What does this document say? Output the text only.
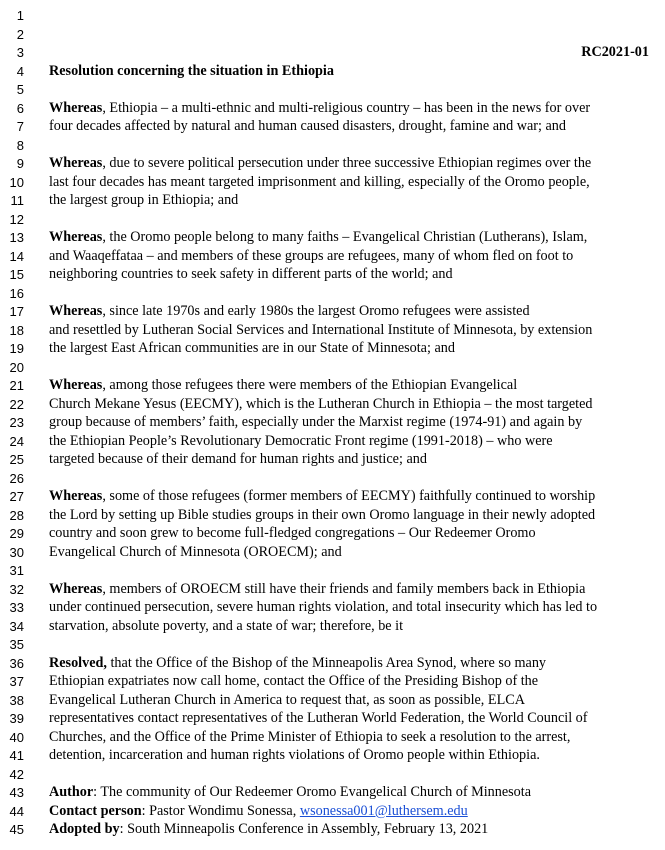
1
2
3
4
5
6
7
8
9
10
11
12
13
14
15
16
17
18
19
20
21
22
23
24
25
26
27
28
29
30
31
32
33
34
35
36
37
38
39
40
41
42
43
44
45
RC2021-01
Resolution concerning the situation in Ethiopia
Whereas, Ethiopia – a multi-ethnic and multi-religious country – has been in the news for over
four decades affected by natural and human caused disasters, drought, famine and war; and
Whereas, due to severe political persecution under three successive Ethiopian regimes over the
last four decades has meant targeted imprisonment and killing, especially of the Oromo people,
the largest group in Ethiopia; and
Whereas, the Oromo people belong to many faiths – Evangelical Christian (Lutherans), Islam,
and Waaqeffataa – and members of these groups are refugees, many of whom fled on foot to
neighboring countries to seek safety in different parts of the world; and
Whereas, since late 1970s and early 1980s the largest Oromo refugees were assisted
and resettled by Lutheran Social Services and International Institute of Minnesota, by extension
the largest East African communities are in our State of Minnesota; and
Whereas, among those refugees there were members of the Ethiopian Evangelical
Church Mekane Yesus (EECMY), which is the Lutheran Church in Ethiopia – the most targeted
group because of members’ faith, especially under the Marxist regime (1974-91) and again by
the Ethiopian People’s Revolutionary Democratic Front regime (1991-2018) – who were
targeted because of their demand for human rights and justice; and
Whereas, some of those refugees (former members of EECMY) faithfully continued to worship
the Lord by setting up Bible studies groups in their own Oromo language in their newly adopted
country and soon grew to become full-fledged congregations – Our Redeemer Oromo
Evangelical Church of Minnesota (OROECM); and
Whereas, members of OROECM still have their friends and family members back in Ethiopia
under continued persecution, severe human rights violation, and total insecurity which has led to
starvation, absolute poverty, and a state of war; therefore, be it
Resolved, that the Office of the Bishop of the Minneapolis Area Synod, where so many
Ethiopian expatriates now call home, contact the Office of the Presiding Bishop of the
Evangelical Lutheran Church in America to request that, as soon as possible, ELCA
representatives contact representatives of the Lutheran World Federation, the World Council of
Churches, and the Office of the Prime Minister of Ethiopia to seek a resolution to the arrest,
detention, incarceration and human rights violations of Oromo people within Ethiopia.
Author: The community of Our Redeemer Oromo Evangelical Church of Minnesota
Contact person: Pastor Wondimu Sonessa, wsonessa001@luthersem.edu
Adopted by: South Minneapolis Conference in Assembly, February 13, 2021
